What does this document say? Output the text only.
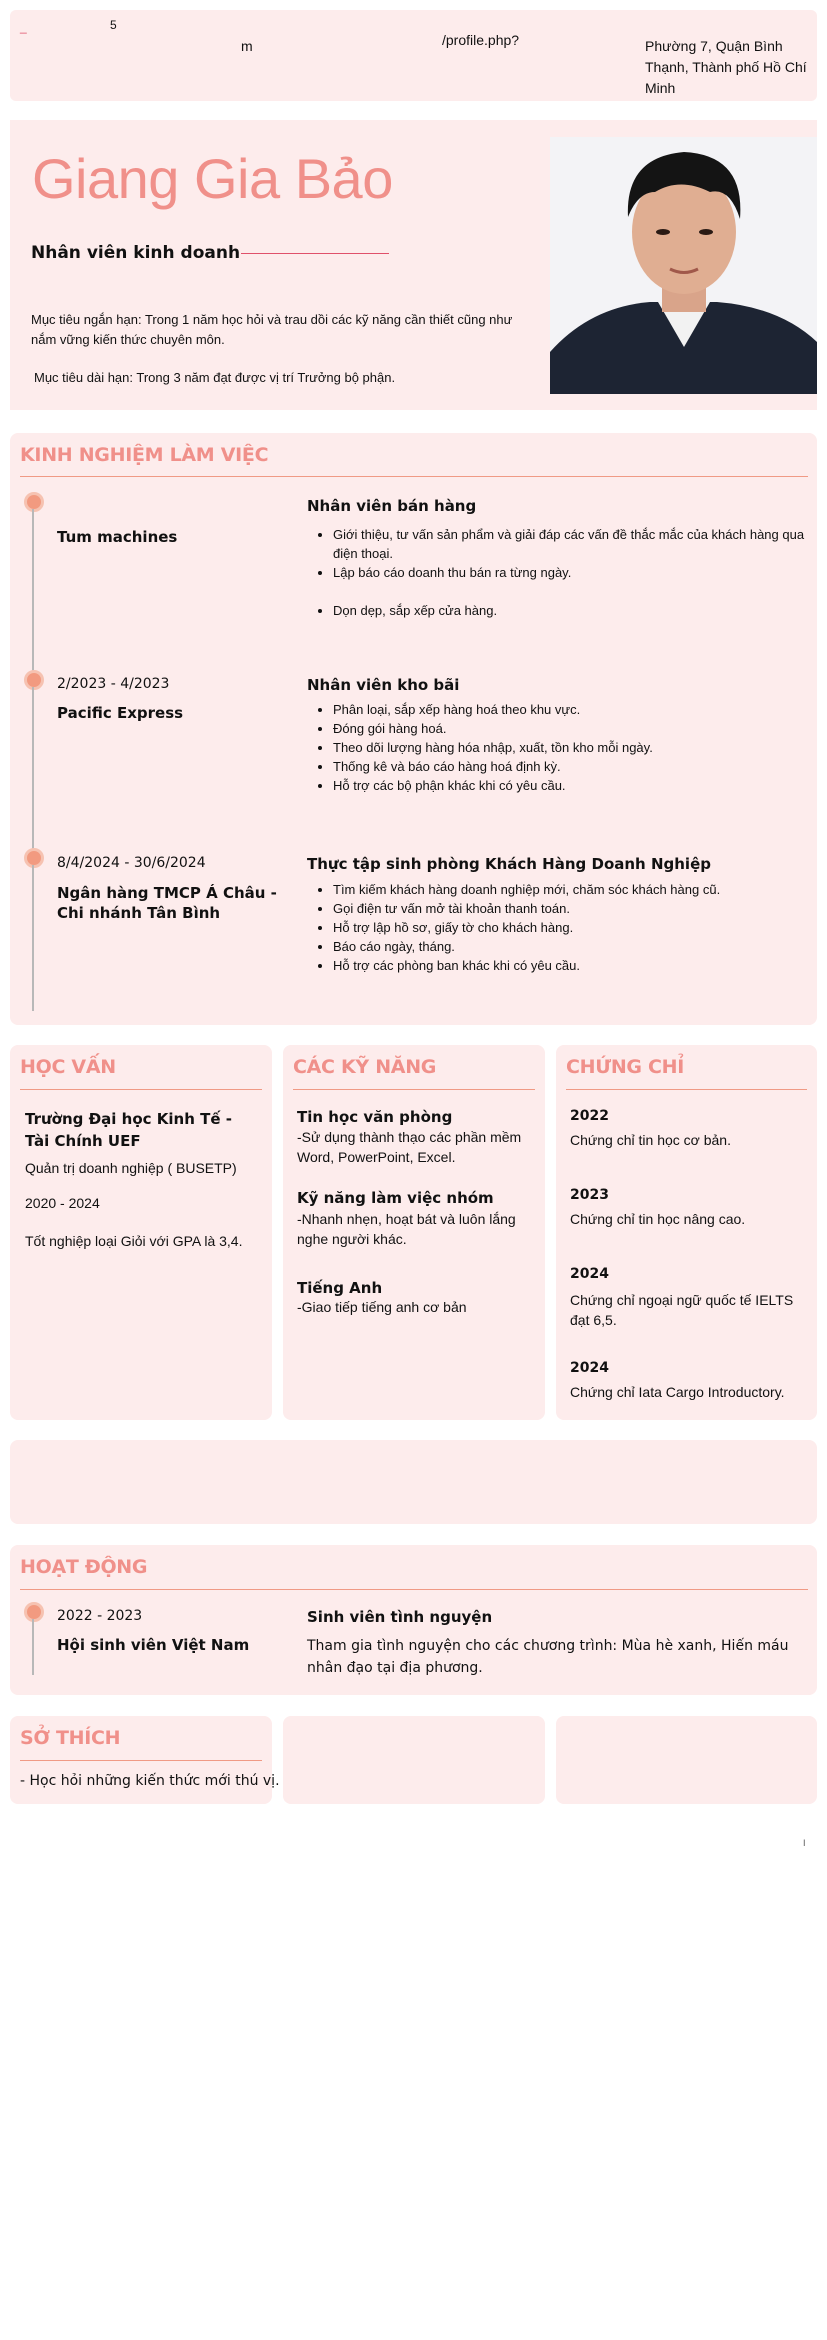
_	5
m	/profile.php?	Phường 7, Quận Bình Thạnh, Thành phố Hồ Chí Minh
Giang Gia Bảo
Nhân viên kinh doanh
Mục tiêu ngắn hạn: Trong 1 năm học hỏi và trau dồi các kỹ năng cần thiết cũng như nắm vững kiến thức chuyên môn.
Mục tiêu dài hạn: Trong 3 năm đạt được vị trí Trưởng bộ phận.
KINH NGHIỆM LÀM VIỆC
Tum machines
Nhân viên bán hàng
• Giới thiệu, tư vấn sản phẩm và giải đáp các vấn đề thắc mắc của khách hàng qua điện thoại.
• Lập báo cáo doanh thu bán ra từng ngày.
• Dọn dẹp, sắp xếp cửa hàng.
2/2023 - 4/2023
Pacific Express
Nhân viên kho bãi
• Phân loại, sắp xếp hàng hoá theo khu vực.
• Đóng gói hàng hoá.
• Theo dõi lượng hàng hóa nhập, xuất, tồn kho mỗi ngày.
• Thống kê và báo cáo hàng hoá định kỳ.
• Hỗ trợ các bộ phận khác khi có yêu cầu.
8/4/2024 - 30/6/2024
Ngân hàng TMCP Á Châu - Chi nhánh Tân Bình
Thực tập sinh phòng Khách Hàng Doanh Nghiệp
• Tìm kiếm khách hàng doanh nghiệp mới, chăm sóc khách hàng cũ.
• Gọi điện tư vấn mở tài khoản thanh toán.
• Hỗ trợ lập hồ sơ, giấy tờ cho khách hàng.
• Báo cáo ngày, tháng.
• Hỗ trợ các phòng ban khác khi có yêu cầu.
HỌC VẤN
Trường Đại học Kinh Tế - Tài Chính UEF
Quản trị doanh nghiệp ( BUSETP)
2020 - 2024
Tốt nghiệp loại Giỏi với GPA là 3,4.
CÁC KỸ NĂNG
Tin học văn phòng
-Sử dụng thành thạo các phần mềm Word, PowerPoint, Excel.
Kỹ năng làm việc nhóm
-Nhanh nhẹn, hoạt bát và luôn lắng nghe người khác.
Tiếng Anh
-Giao tiếp tiếng anh cơ bản
CHỨNG CHỈ
2022
Chứng chỉ tin học cơ bản.
2023
Chứng chỉ tin học nâng cao.
2024
Chứng chỉ ngoại ngữ quốc tế IELTS đạt 6,5.
2024
Chứng chỉ Iata Cargo Introductory.
HOẠT ĐỘNG
2022 - 2023
Hội sinh viên Việt Nam
Sinh viên tình nguyện
Tham gia tình nguyện cho các chương trình: Mùa hè xanh, Hiến máu nhân đạo tại địa phương.
SỞ THÍCH
- Học hỏi những kiến thức mới thú vị.
I
